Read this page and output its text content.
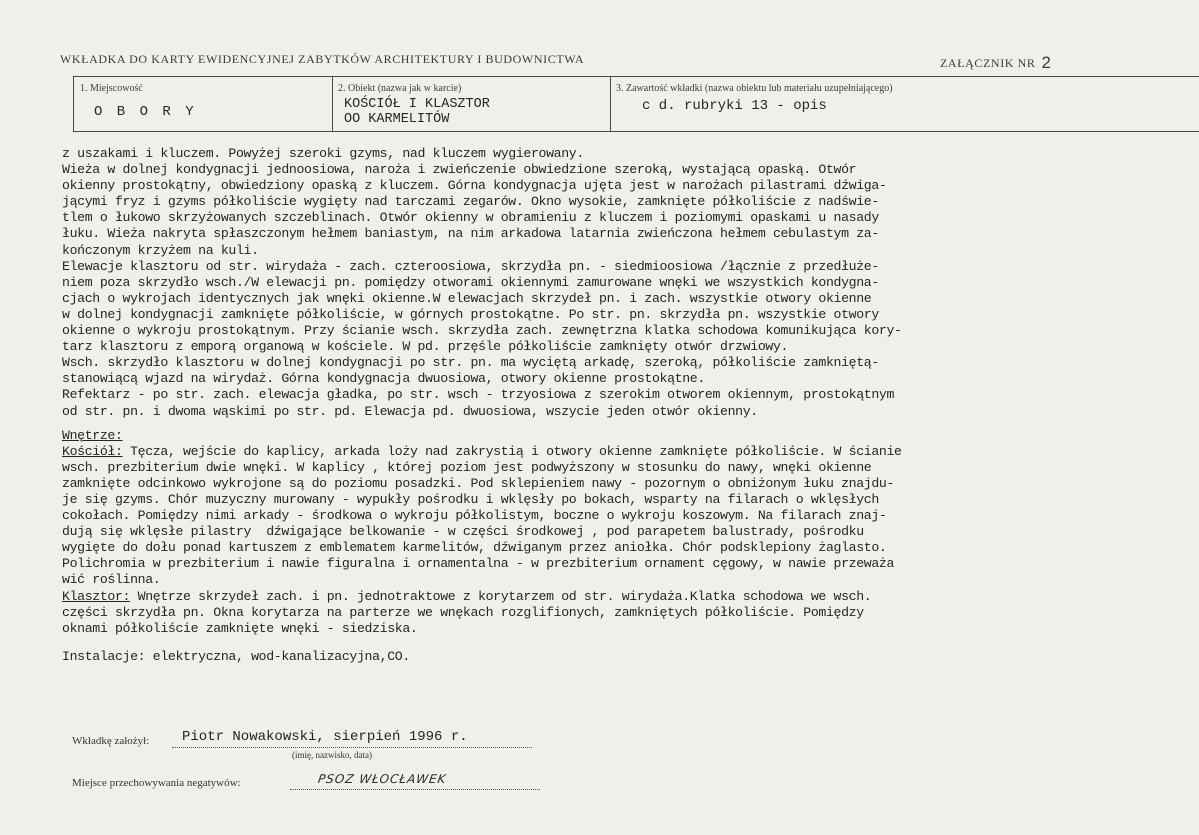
WKŁADKA DO KARTY EWIDENCYJNEJ ZABYTKÓW ARCHITEKTURY I BUDOWNICTWA	ZAŁĄCZNIK NR 2
1. Miejscowość
O B O R Y
2. Obiekt (nazwa jak w karcie)
KOŚCIÓŁ I KLASZTOR
OO KARMELITÓW
3. Zawartość wkładki (nazwa obiektu lub materiału uzupełniającego)
c d. rubryki 13 - opis
z uszakami i kluczem. Powyżej szeroki gzyms, nad kluczem wygierowany.
Wieża w dolnej kondygnacji jednoosiowa, naroża i zwieńczenie obwiedzione szeroką, wystającą opaską. Otwór
okienny prostokątny, obwiedziony opaską z kluczem. Górna kondygnacja ujęta jest w narożach pilastrami dźwiga-
jącymi fryz i gzyms półkoliście wygięty nad tarczami zegarów. Okno wysokie, zamknięte półkoliście z nadświe-
tlem o łukowo skrzyżowanych szczeblinach. Otwór okienny w obramieniu z kluczem i poziomymi opaskami u nasady
łuku. Wieża nakryta spłaszczonym hełmem baniastym, na nim arkadowa latarnia zwieńczona hełmem cebulastym za-
kończonym krzyżem na kuli.
Elewacje klasztoru od str. wirydaża - zach. czteroosiowa, skrzydła pn. - siedmioosiowa /łącznie z przedłuże-
niem poza skrzydło wsch./W elewacji pn. pomiędzy otworami okiennymi zamurowane wnęki we wszystkich kondygna-
cjach o wykrojach identycznych jak wnęki okienne.W elewacjach skrzydeł pn. i zach. wszystkie otwory okienne
w dolnej kondygnacji zamknięte półkoliście, w górnych prostokątne. Po str. pn. skrzydła pn. wszystkie otwory
okienne o wykroju prostokątnym. Przy ścianie wsch. skrzydła zach. zewnętrzna klatka schodowa komunikująca kory-
tarz klasztoru z emporą organową w kościele. W pd. przęśle półkoliście zamknięty otwór drzwiowy.
Wsch. skrzydło klasztoru w dolnej kondygnacji po str. pn. ma wyciętą arkadę, szeroką, półkoliście zamkniętą-
stanowiącą wjazd na wirydaż. Górna kondygnacja dwuosiowa, otwory okienne prostokątne.
Refektarz - po str. zach. elewacja gładka, po str. wsch - trzyosiowa z szerokim otworem okiennym, prostokątnym
od str. pn. i dwoma wąskimi po str. pd. Elewacja pd. dwuosiowa, wszycie jeden otwór okienny.
Wnętrze:
Kościół: Tęcza, wejście do kaplicy, arkada loży nad zakrystią i otwory okienne zamknięte półkoliście. W ścianie
wsch. prezbiterium dwie wnęki. W kaplicy , której poziom jest podwyższony w stosunku do nawy, wnęki okienne
zamknięte odcinkowo wykrojone są do poziomu posadzki. Pod sklepieniem nawy - pozornym o obniżonym łuku znajdu-
je się gzyms. Chór muzyczny murowany - wypukły pośrodku i wklęsły po bokach, wsparty na filarach o wklęsłych
cokołach. Pomiędzy nimi arkady - środkowa o wykroju półkolistym, boczne o wykroju koszowym. Na filarach znaj-
dują się wklęsłe pilastry  dźwigające belkowanie - w części środkowej , pod parapetem balustrady, pośrodku
wygięte do dołu ponad kartuszem z emblematem karmelitów, dźwiganym przez aniołka. Chór podsklepiony żaglasto.
Polichromia w prezbiterium i nawie figuralna i ornamentalna - w prezbiterium ornament cęgowy, w nawie przeważa
wić roślinna.
Klasztor: Wnętrze skrzydeł zach. i pn. jednotraktowe z korytarzem od str. wirydaża.Klatka schodowa we wsch.
części skrzydła pn. Okna korytarza na parterze we wnękach rozglifionych, zamkniętych półkoliście. Pomiędzy
oknami półkoliście zamknięte wnęki - siedziska.
Instalacje: elektryczna, wod-kanalizacyjna,CO.
Wkładkę założył: Piotr Nowakowski, sierpień 1996 r.
(imię, nazwisko, data)
Miejsce przechowywania negatywów:	PSOZ WŁOCŁAWEK
